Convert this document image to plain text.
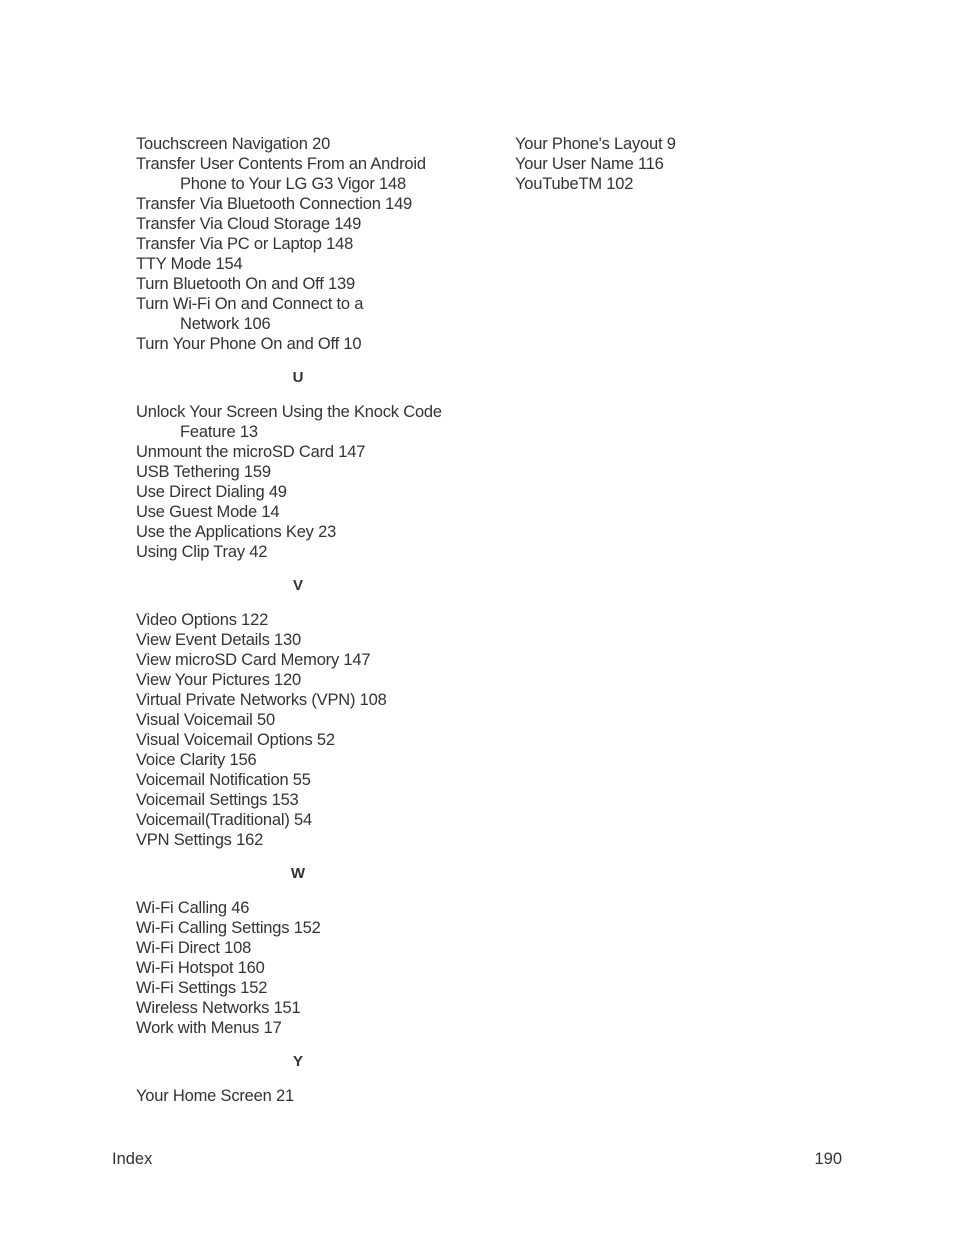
Touchscreen Navigation 20
Transfer User Contents From an Android
Phone to Your LG G3 Vigor 148
Transfer Via Bluetooth Connection 149
Transfer Via Cloud Storage 149
Transfer Via PC or Laptop 148
TTY Mode 154
Turn Bluetooth On and Off 139
Turn Wi-Fi On and Connect to a
Network 106
Turn Your Phone On and Off 10
U
Unlock Your Screen Using the Knock Code
Feature 13
Unmount the microSD Card 147
USB Tethering 159
Use Direct Dialing 49
Use Guest Mode 14
Use the Applications Key 23
Using Clip Tray 42
V
Video Options 122
View Event Details 130
View microSD Card Memory 147
View Your Pictures 120
Virtual Private Networks (VPN) 108
Visual Voicemail 50
Visual Voicemail Options 52
Voice Clarity 156
Voicemail Notification 55
Voicemail Settings 153
Voicemail(Traditional) 54
VPN Settings 162
W
Wi-Fi Calling 46
Wi-Fi Calling Settings 152
Wi-Fi Direct 108
Wi-Fi Hotspot 160
Wi-Fi Settings 152
Wireless Networks 151
Work with Menus 17
Y
Your Home Screen 21
Your Phone's Layout 9
Your User Name 116
YouTubeTM 102
Index	190
